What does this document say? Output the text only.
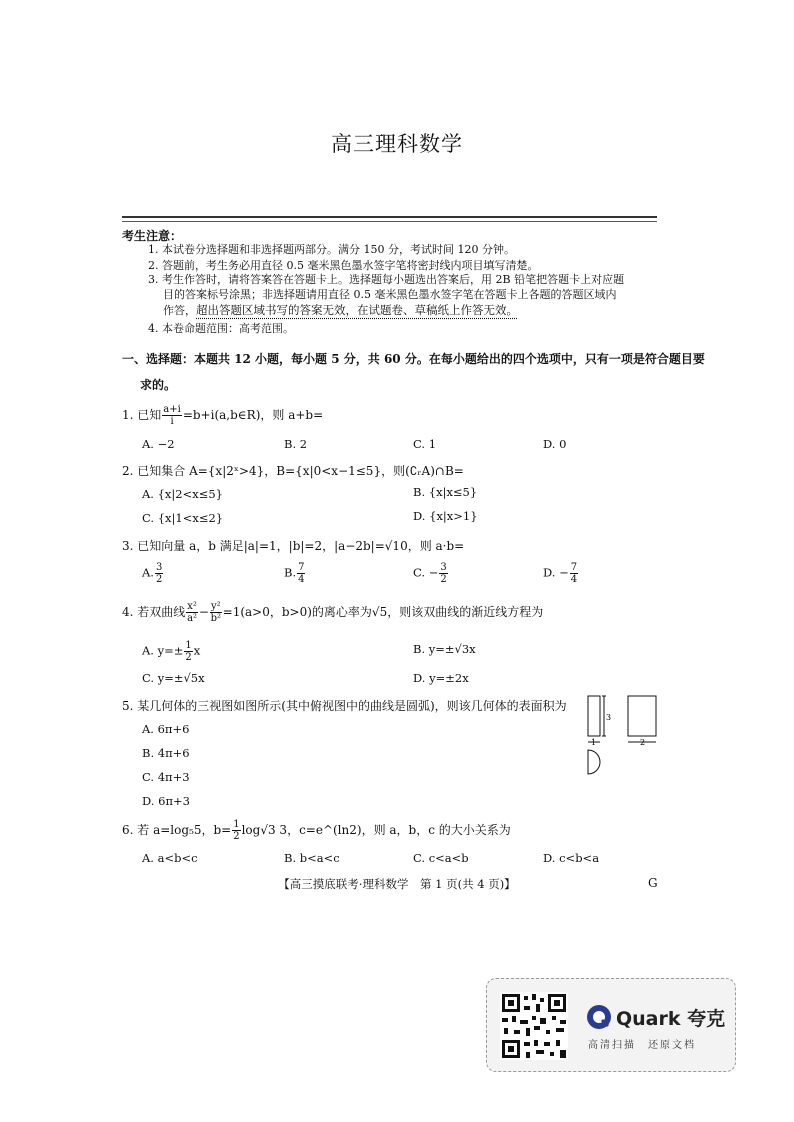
高三理科数学
考生注意：
1. 本试卷分选择题和非选择题两部分。满分 150 分，考试时间 120 分钟。
2. 答题前，考生务必用直径 0.5 毫米黑色墨水签字笔将密封线内项目填写清楚。
3. 考生作答时，请将答案答在答题卡上。选择题每小题选出答案后，用 2B 铅笔把答题卡上对应题
目的答案标号涂黑；非选择题请用直径 0.5 毫米黑色墨水签字笔在答题卡上各题的答题区域内
作答，超出答题区域书写的答案无效，在试题卷、草稿纸上作答无效。
4. 本卷命题范围：高考范围。
一、选择题：本题共 12 小题，每小题 5 分，共 60 分。在每小题给出的四个选项中，只有一项是符合题目要
求的。
1. 已知 $\frac{a+i}{i}$ =b+i(a,b∈R)，则 a+b=
A. −2	B. 2	C. 1	D. 0
2. 已知集合 A={x|2ˣ>4}，B={x|0<x−1≤5}，则(∁ᵣA)∩B=
A. {x|2<x≤5}	B. {x|x≤5}
C. {x|1<x≤2}	D. {x|x>1}
3. 已知向量 a，b 满足|a|=1，|b|=2，|a−2b|=√10，则 a·b=
A. $\frac{3}{2}$	B. $\frac{7}{4}$	C. − $\frac{3}{2}$	D. − $\frac{7}{4}$
4. 若双曲线 $\frac{\text{x²}}{\text{a²}} - \frac{\text{y²}}{\text{b²}} =1(a>0$，b>0)的离心率为√5，则该双曲线的渐近线方程为
A. $y=\pm \frac{1}{2}$ x	B. y=±√3x
C. y=±√5x	D. y=±2x
5. 某几何体的三视图如图所示(其中俯视图中的曲线是圆弧)，则该几何体的表面积为
A. 6π+6
B. 4π+6
C. 4π+3
D. 6π+3
3
1	2
6. 若 a=log₅5，$b= \frac{1}{2} \log√3$ 3，c=e^(ln2)，则 a，b，c 的大小关系为
A. a<b<c	B. b<a<c	C. c<a<b	D. c<b<a
【高三摸底联考·理科数学　第 1 页(共 4 页)】	G
Quark 夸克
高清扫描　还原文档
